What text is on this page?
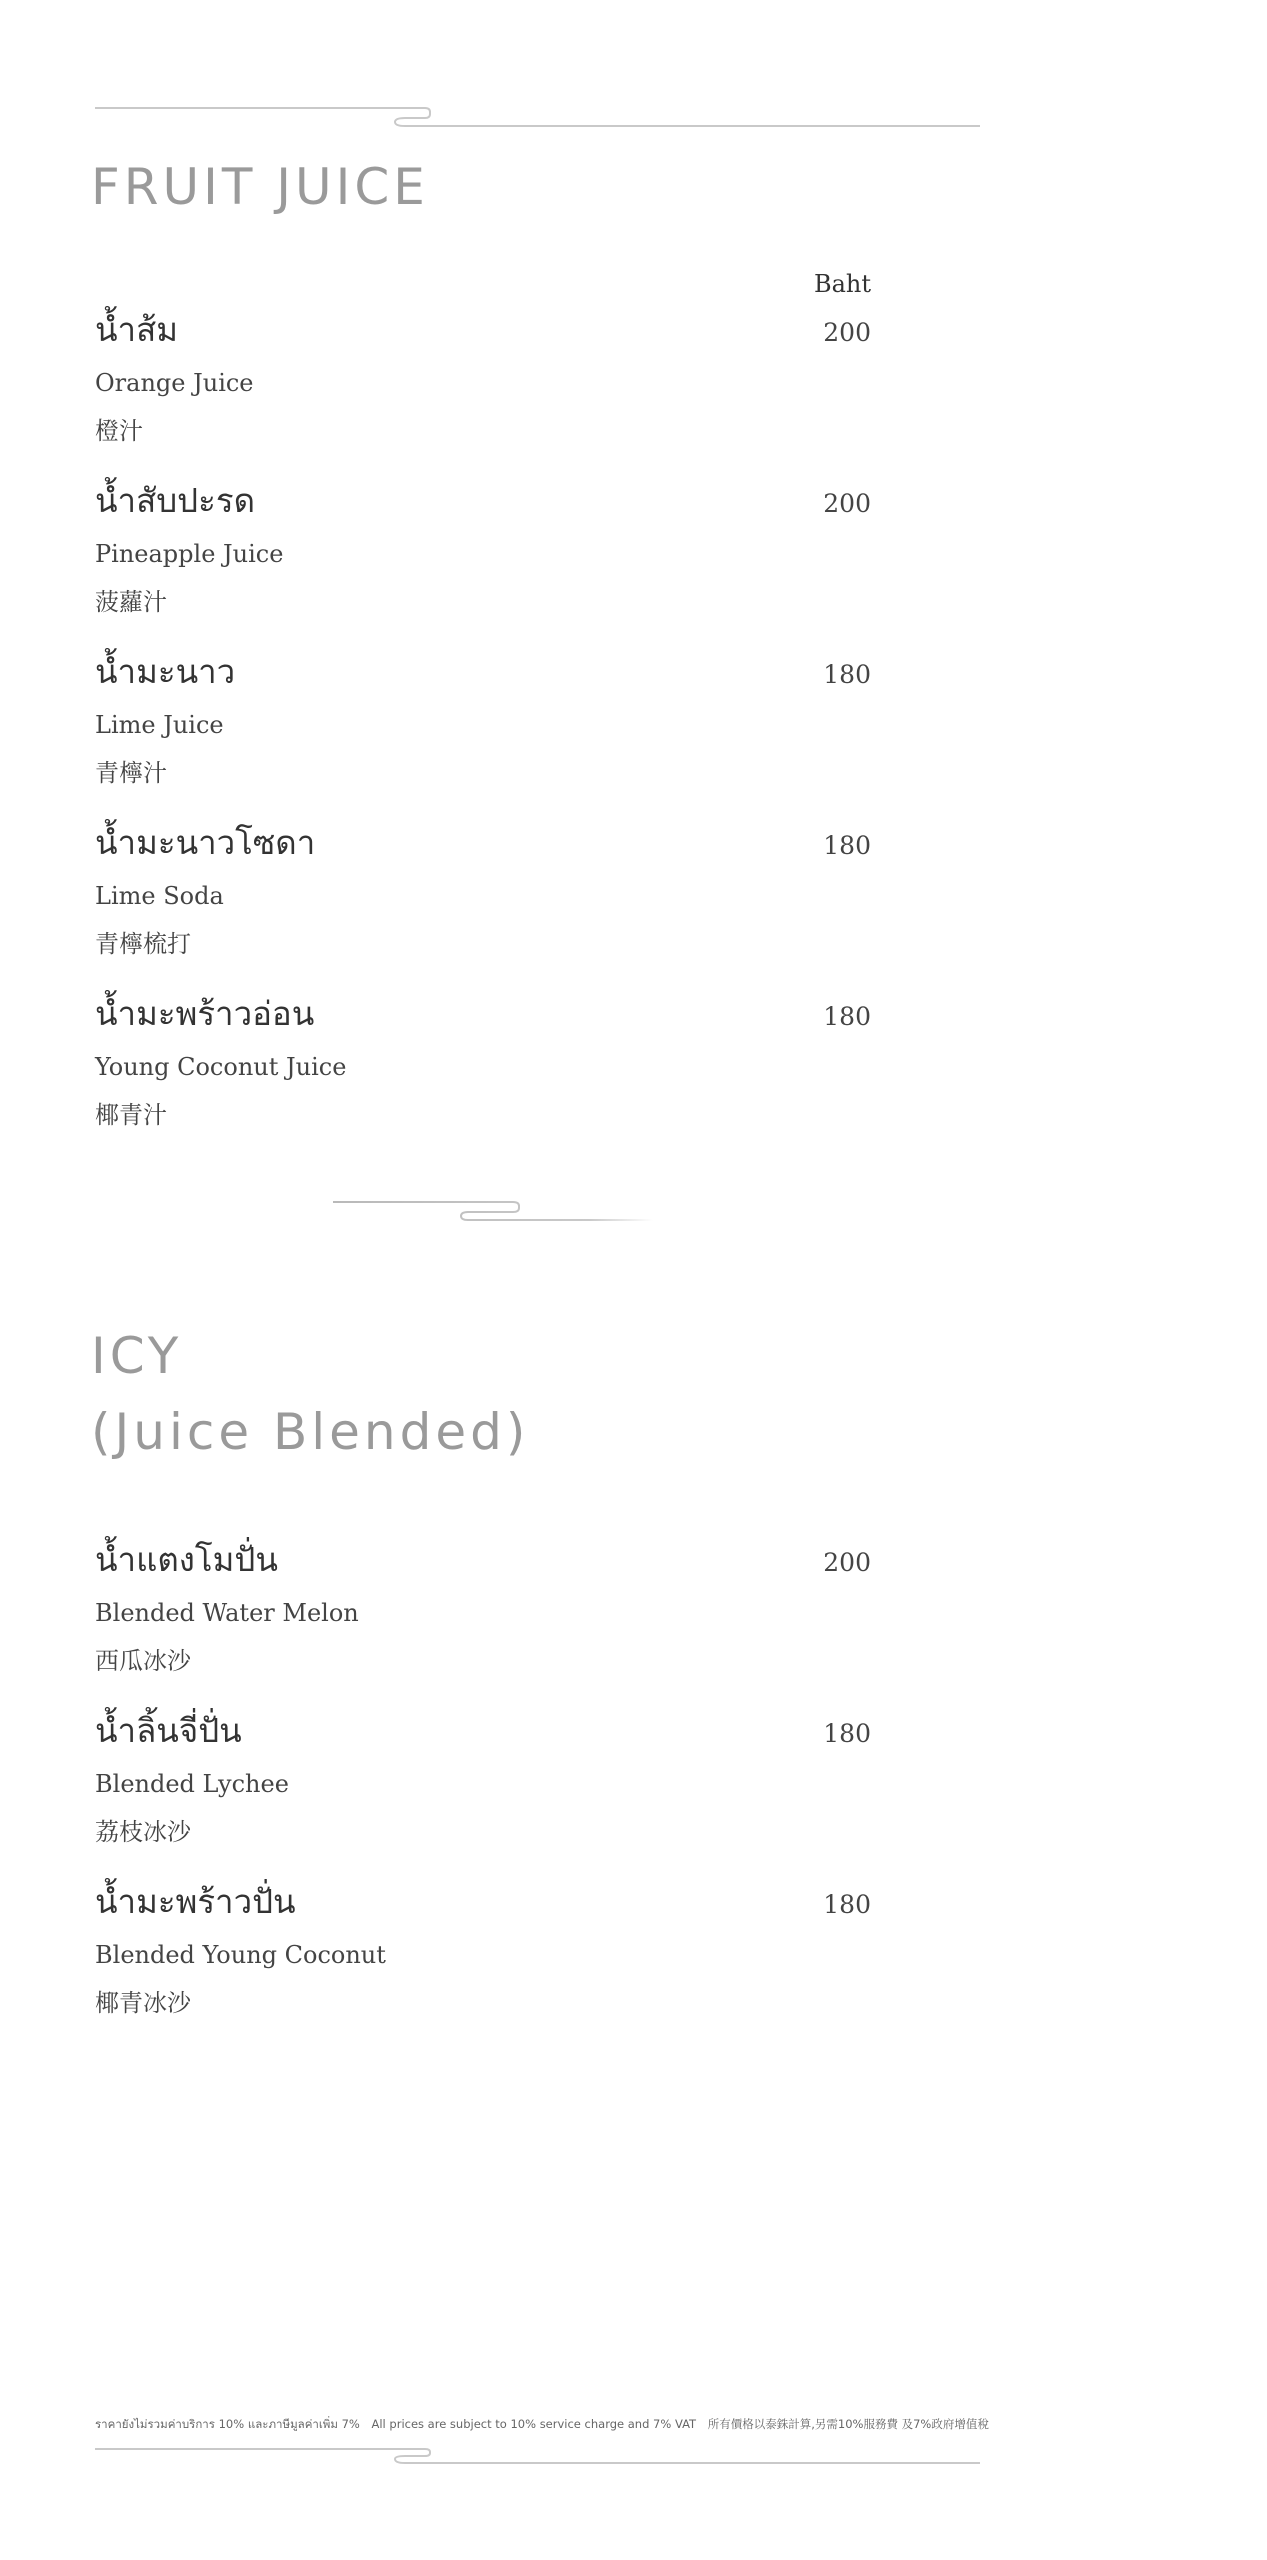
FRUIT JUICE
Baht
น้ำส้ม	200
Orange Juice
橙汁
น้ำสับปะรด	200
Pineapple Juice
菠蘿汁
น้ำมะนาว	180
Lime Juice
青檸汁
น้ำมะนาวโซดา	180
Lime Soda
青檸梳打
น้ำมะพร้าวอ่อน	180
Young Coconut Juice
椰青汁
ICY
(Juice Blended)
น้ำแตงโมปั่น	200
Blended Water Melon
西瓜冰沙
น้ำลิ้นจี่ปั่น	180
Blended Lychee
荔枝冰沙
น้ำมะพร้าวปั่น	180
Blended Young Coconut
椰青冰沙
ราคายังไม่รวมค่าบริการ 10% และภาษีมูลค่าเพิ่ม 7% All prices are subject to 10% service charge and 7% VAT 所有價格以泰銖計算,另需10%服務費 及7%政府增值稅
